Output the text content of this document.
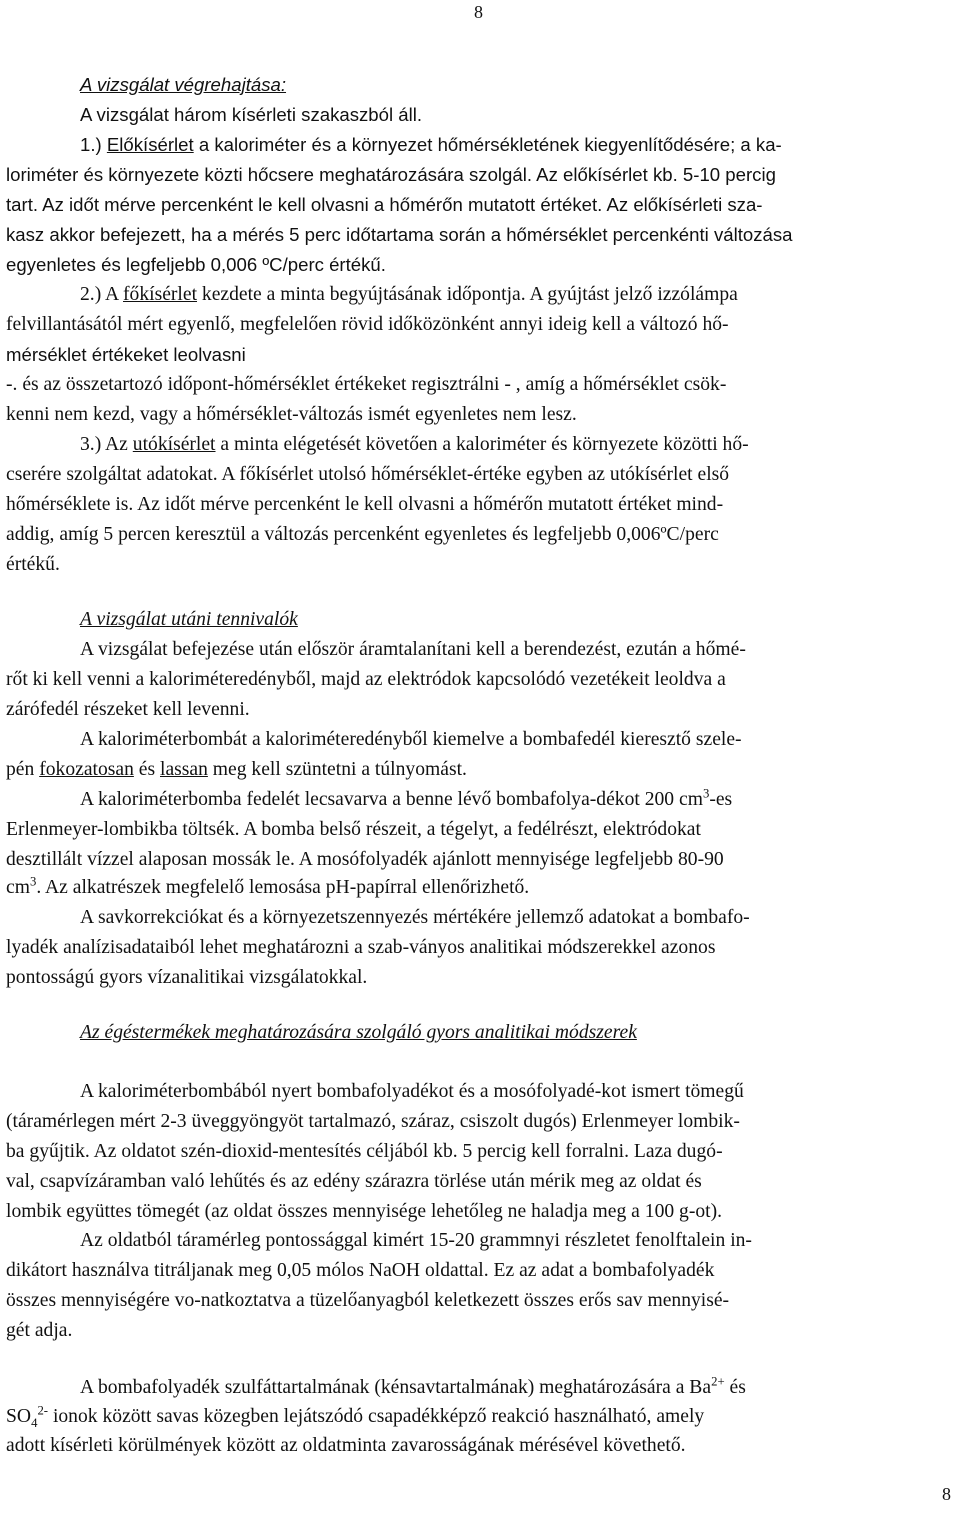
8
A vizsgálat végrehajtása:
A vizsgálat három kísérleti szakaszból áll.
1.) Előkísérlet a kaloriméter és a környezet hőmérsékletének kiegyenlítődésére; a ka-
loriméter és környezete közti hőcsere meghatározására szolgál. Az előkísérlet kb. 5-10 percig
tart. Az időt mérve percenként le kell olvasni a hőmérőn mutatott értéket. Az előkísérleti sza-
kasz akkor befejezett, ha a mérés 5 perc időtartama során a hőmérséklet percenkénti változása
egyenletes és legfeljebb 0,006 ºC/perc értékű.
2.) A főkísérlet kezdete a minta begyújtásának időpontja. A gyújtást jelző izzólámpa
felvillantásától mért egyenlő, megfelelően rövid időközönként annyi ideig kell a változó hő-
mérséklet értékeket leolvasni
-. és az összetartozó időpont-hőmérséklet értékeket regisztrálni - , amíg a hőmérséklet csök-
kenni nem kezd, vagy a hőmérséklet-változás ismét egyenletes nem lesz.
3.) Az utókísérlet a minta elégetését követően a kaloriméter és környezete közötti hő-
cserére szolgáltat adatokat. A főkísérlet utolsó hőmérséklet-értéke egyben az utókísérlet első
hőmérséklete is. Az időt mérve percenként le kell olvasni a hőmérőn mutatott értéket mind-
addig, amíg 5 percen keresztül a változás percenként egyenletes és legfeljebb 0,006ºC/perc
értékű.
A vizsgálat utáni tennivalók
A vizsgálat befejezése után először áramtalanítani kell a berendezést, ezután a hőmé-
rőt ki kell venni a kaloriméteredényből, majd az elektródok kapcsolódó vezetékeit leoldva a
zárófedél részeket kell levenni.
A kaloriméterbombát a kaloriméteredényből kiemelve a bombafedél kieresztő szele-
pén fokozatosan és lassan meg kell szüntetni a túlnyomást.
A kaloriméterbomba fedelét lecsavarva a benne lévő bombafolya-dékot 200 $cm^3-es$
Erlenmeyer-lombikba töltsék. A bomba belső részeit, a tégelyt, a fedélrészt, elektródokat
desztillált vízzel alaposan mossák le. A mosófolyadék ajánlott mennyisége legfeljebb 80-90
$cm^3$. Az alkatrészek megfelelő lemosása pH-papírral ellenőrizhető.
A savkorrekciókat és a környezetszennyezés mértékére jellemző adatokat a bombafo-
lyadék analízisadataiból lehet meghatározni a szab-ványos analitikai módszerekkel azonos
pontosságú gyors vízanalitikai vizsgálatokkal.
Az égéstermékek meghatározására szolgáló gyors analitikai módszerek
A kaloriméterbombából nyert bombafolyadékot és a mosófolyadé-kot ismert tömegű
(táramérlegen mért 2-3 üveggyöngyöt tartalmazó, száraz, csiszolt dugós) Erlenmeyer lombik-
ba gyűjtik. Az oldatot szén-dioxid-mentesítés céljából kb. 5 percig kell forralni. Laza dugó-
val, csapvízáramban való lehűtés és az edény szárazra törlése után mérik meg az oldat és
lombik együttes tömegét (az oldat összes mennyisége lehetőleg ne haladja meg a 100 g-ot).
Az oldatból táramérleg pontossággal kimért 15-20 grammnyi részletet fenolftalein in-
dikátort használva titráljanak meg 0,05 mólos NaOH oldattal. Ez az adat a bombafolyadék
összes mennyiségére vo-natkoztatva a tüzelőanyagból keletkezett összes erős sav mennyisé-
gét adja.
A bombafolyadék szulfáttartalmának (kénsavtartalmának) meghatározására a $Ba^{2+}$ és
$SO_4^{2-}$ ionok között savas közegben lejátszódó csapadékképző reakció használható, amely
adott kísérleti körülmények között az oldatminta zavarosságának mérésével követhető.
8
